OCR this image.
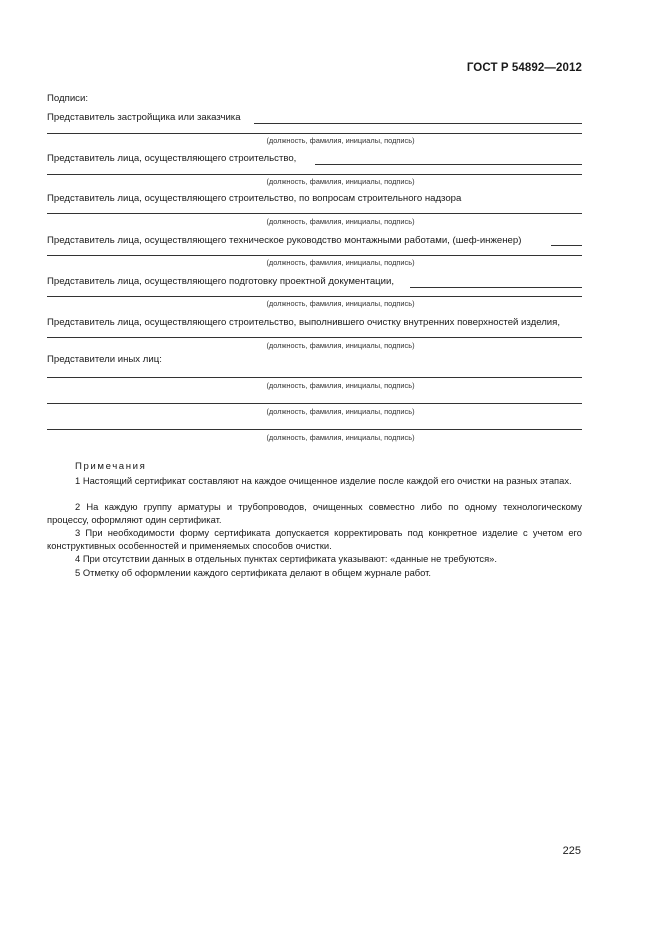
ГОСТ Р 54892—2012
Подписи:
Представитель застройщика или заказчика
(должность, фамилия, инициалы, подпись)
Представитель лица, осуществляющего строительство,
(должность, фамилия, инициалы, подпись)
Представитель лица, осуществляющего строительство, по вопросам строительного надзора
(должность, фамилия, инициалы, подпись)
Представитель лица, осуществляющего техническое руководство монтажными работами, (шеф-инженер)
(должность, фамилия, инициалы, подпись)
Представитель лица, осуществляющего подготовку проектной документации,
(должность, фамилия, инициалы, подпись)
Представитель лица, осуществляющего строительство, выполнившего очистку внутренних поверхностей изделия,
(должность, фамилия, инициалы, подпись)
Представители иных лиц:
(должность, фамилия, инициалы, подпись)
(должность, фамилия, инициалы, подпись)
(должность, фамилия, инициалы, подпись)
Примечания
1 Настоящий сертификат составляют на каждое очищенное изделие после каждой его очистки на разных этапах.
2 На каждую группу арматуры и трубопроводов, очищенных совместно либо по одному технологическому процессу, оформляют один сертификат.
3 При необходимости форму сертификата допускается корректировать под конкретное изделие с учетом его конструктивных особенностей и применяемых способов очистки.
4 При отсутствии данных в отдельных пунктах сертификата указывают: «данные не требуются».
5 Отметку об оформлении каждого сертификата делают в общем журнале работ.
225
